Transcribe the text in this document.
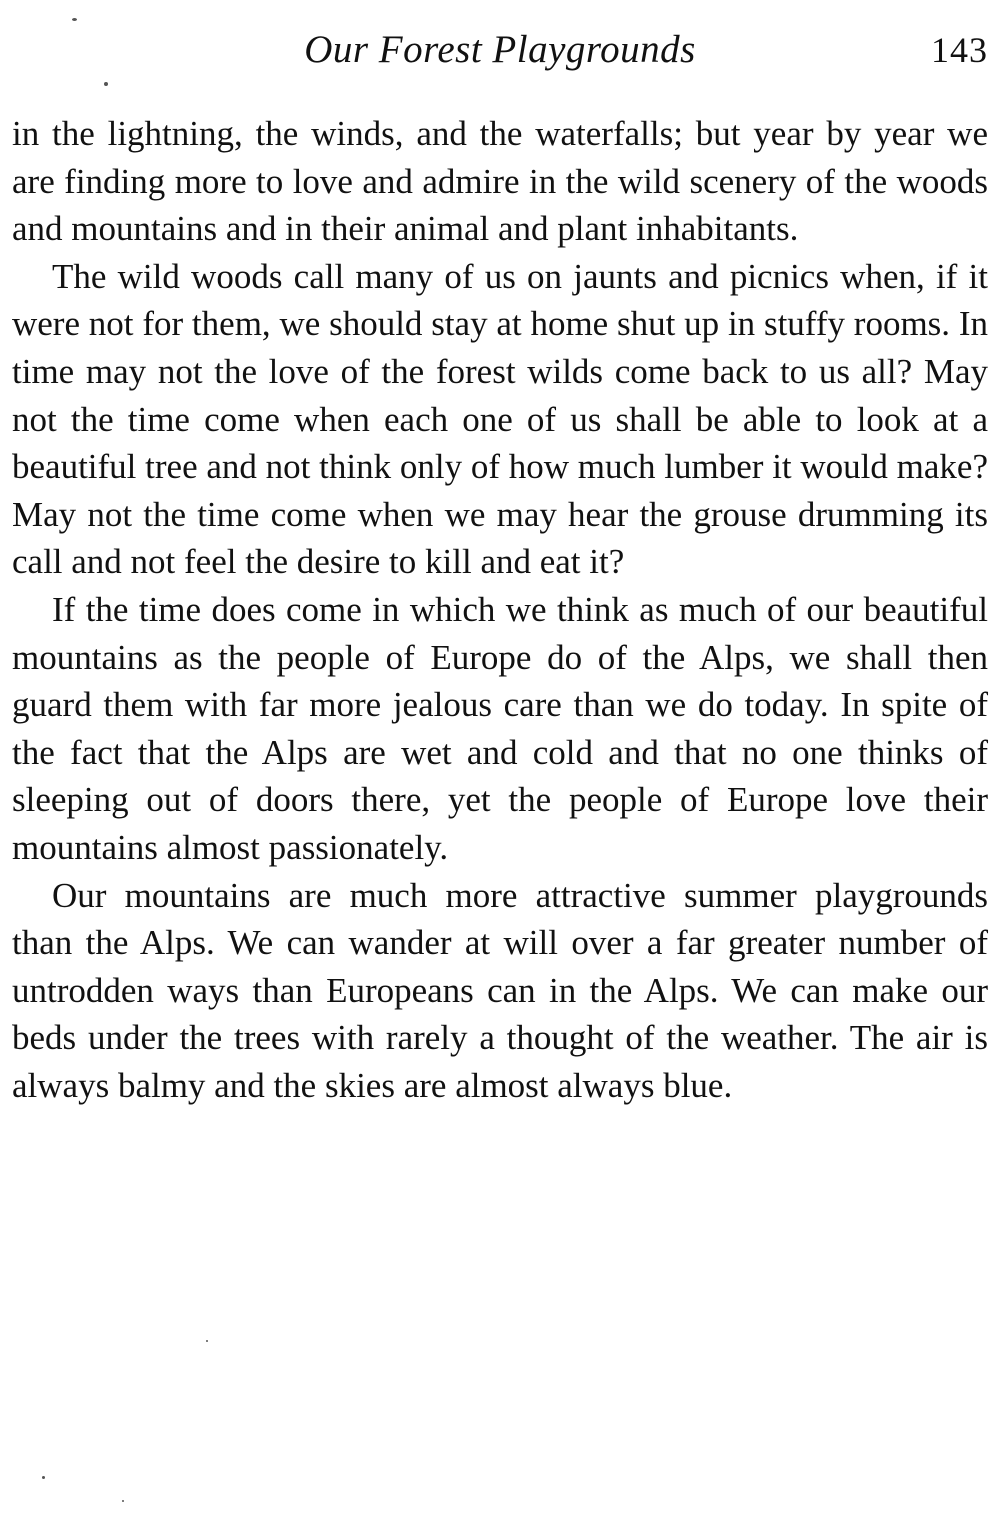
Our Forest Playgrounds	143

in the lightning, the winds, and the waterfalls; but year by year we are finding more to love and admire in the wild scenery of the woods and mountains and in their animal and plant inhabitants.

The wild woods call many of us on jaunts and picnics when, if it were not for them, we should stay at home shut up in stuffy rooms. In time may not the love of the forest wilds come back to us all? May not the time come when each one of us shall be able to look at a beautiful tree and not think only of how much lumber it would make? May not the time come when we may hear the grouse drumming its call and not feel the desire to kill and eat it?

If the time does come in which we think as much of our beautiful mountains as the people of Europe do of the Alps, we shall then guard them with far more jealous care than we do today. In spite of the fact that the Alps are wet and cold and that no one thinks of sleeping out of doors there, yet the people of Europe love their mountains almost passionately.

Our mountains are much more attractive summer playgrounds than the Alps. We can wander at will over a far greater number of untrodden ways than Europeans can in the Alps. We can make our beds under the trees with rarely a thought of the weather. The air is always balmy and the skies are almost always blue.
